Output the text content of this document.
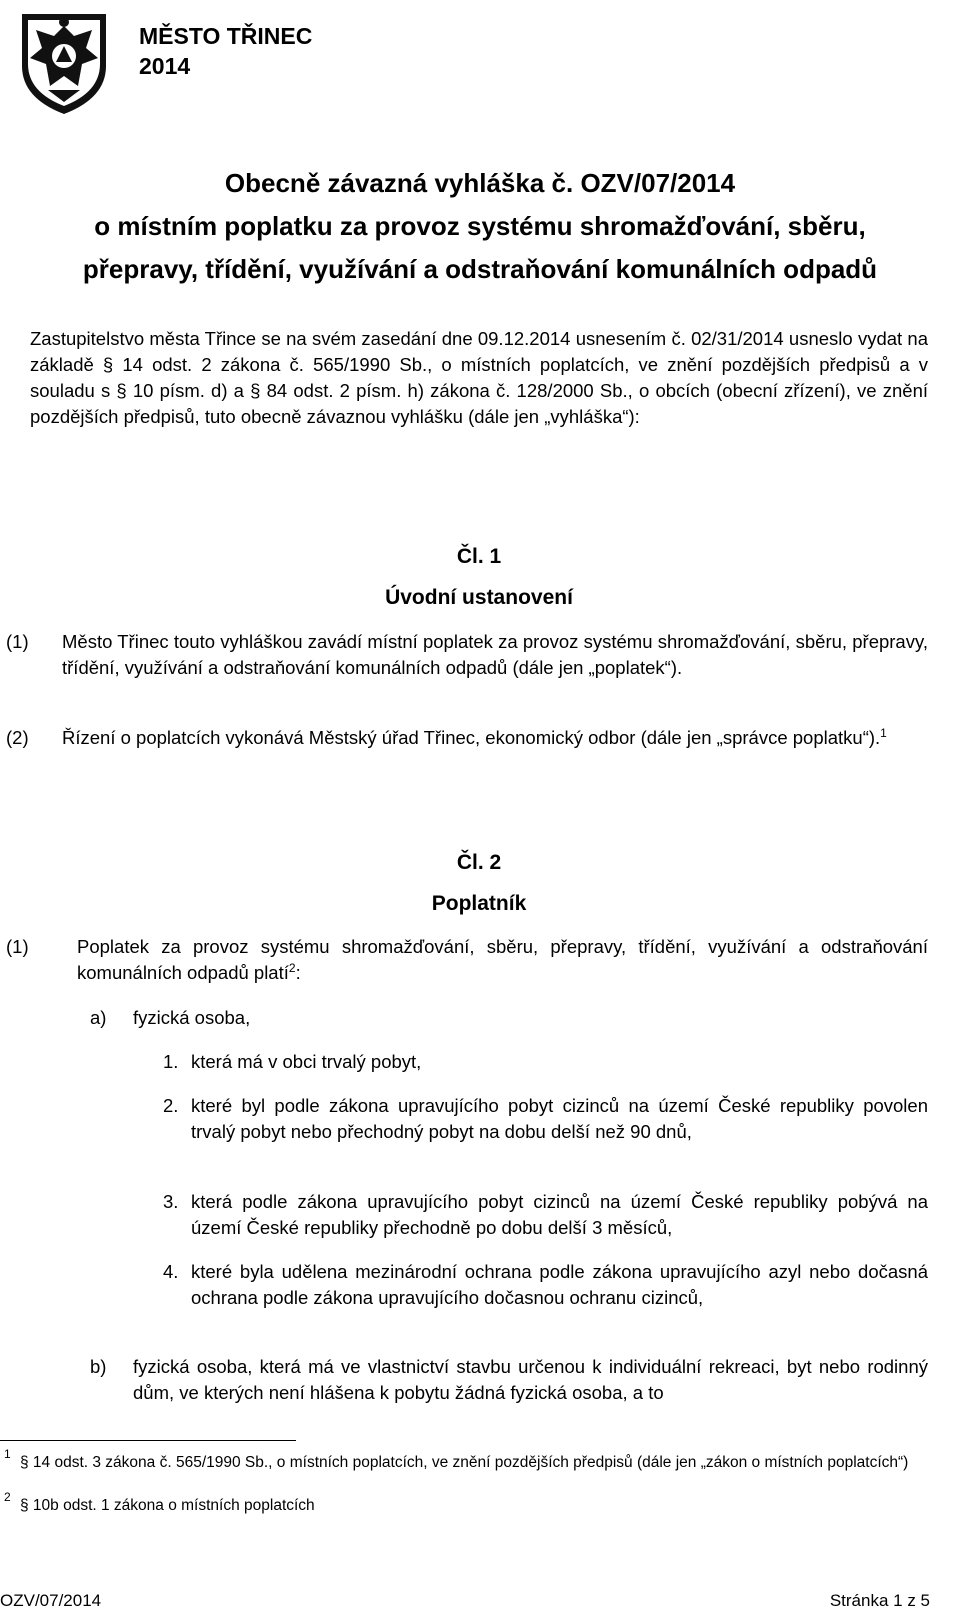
MĚSTO TŘINEC
2014
Obecně závazná vyhláška č. OZV/07/2014
o místním poplatku za provoz systému shromažďování, sběru,
přepravy, třídění, využívání a odstraňování komunálních odpadů
Zastupitelstvo města Třince se na svém zasedání dne 09.12.2014 usnesením č. 02/31/2014 usneslo vydat na základě § 14 odst. 2 zákona č. 565/1990 Sb., o místních poplatcích, ve znění pozdějších předpisů a v souladu s § 10 písm. d) a § 84 odst. 2 písm. h) zákona č. 128/2000 Sb., o obcích (obecní zřízení), ve znění pozdějších předpisů, tuto obecně závaznou vyhlášku (dále jen „vyhláška“):
Čl. 1
Úvodní ustanovení
(1) Město Třinec touto vyhláškou zavádí místní poplatek za provoz systému shromažďování, sběru, přepravy, třídění, využívání a odstraňování komunálních odpadů (dále jen „poplatek“).
(2) Řízení o poplatcích vykonává Městský úřad Třinec, ekonomický odbor (dále jen „správce poplatku“).$^1$
Čl. 2
Poplatník
(1)	Poplatek za provoz systému shromažďování, sběru, přepravy, třídění, využívání a odstraňování komunálních odpadů platí$^2$:
a) fyzická osoba,
1. která má v obci trvalý pobyt,
2. které byl podle zákona upravujícího pobyt cizinců na území České republiky povolen trvalý pobyt nebo přechodný pobyt na dobu delší než 90 dnů,
3. která podle zákona upravujícího pobyt cizinců na území České republiky pobývá na území České republiky přechodně po dobu delší 3 měsíců,
4. které byla udělena mezinárodní ochrana podle zákona upravujícího azyl nebo dočasná ochrana podle zákona upravujícího dočasnou ochranu cizinců,
b) fyzická osoba, která má ve vlastnictví stavbu určenou k individuální rekreaci, byt nebo rodinný dům, ve kterých není hlášena k pobytu žádná fyzická osoba, a to
1 § 14 odst. 3 zákona č. 565/1990 Sb., o místních poplatcích, ve znění pozdějších předpisů (dále jen „zákon o místních poplatcích“)
2 § 10b odst. 1 zákona o místních poplatcích
OZV/07/2014	Stránka 1 z 5
